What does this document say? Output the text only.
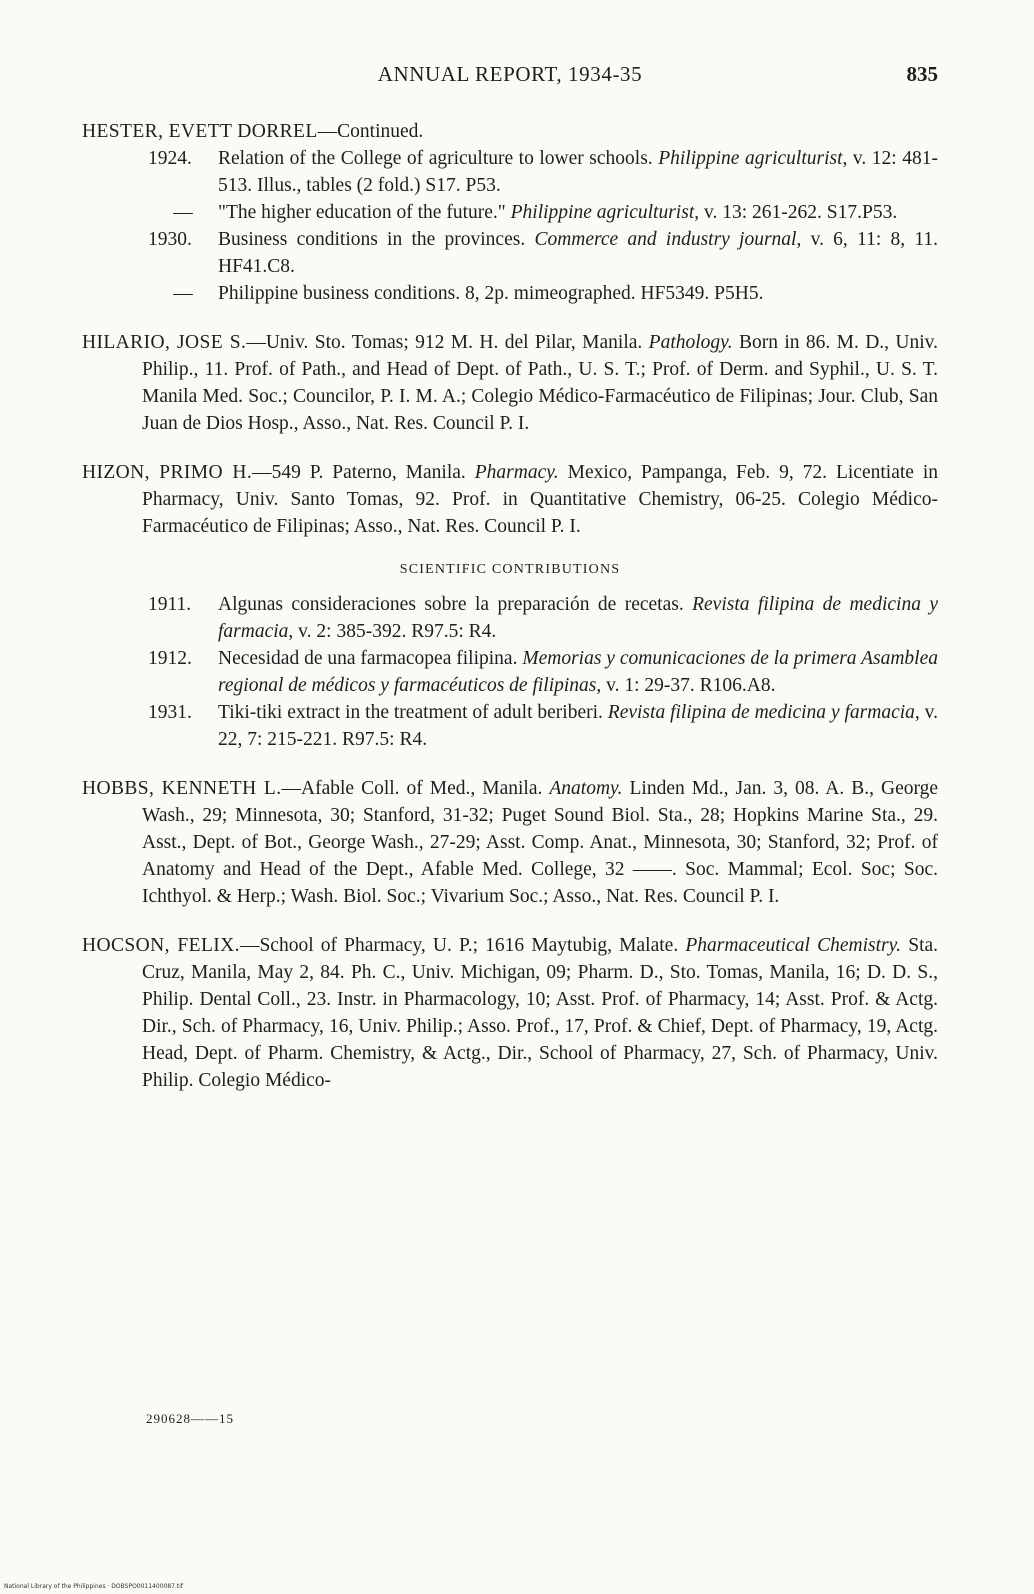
ANNUAL REPORT, 1934-35	835

HESTER, EVETT DORREL—Continued.

1924. Relation of the College of agriculture to lower schools. Philippine agriculturist, v. 12: 481-513. Illus., tables (2 fold.) S17. P53.

— "The higher education of the future." Philippine agriculturist, v. 13: 261-262. S17.P53.

1930. Business conditions in the provinces. Commerce and industry journal, v. 6, 11: 8, 11. HF41.C8.

— Philippine business conditions. 8, 2p. mimeographed. HF5349. P5H5.

HILARIO, JOSE S.—Univ. Sto. Tomas; 912 M. H. del Pilar, Manila. Pathology. Born in 86. M. D., Univ. Philip., 11. Prof. of Path., and Head of Dept. of Path., U. S. T.; Prof. of Derm. and Syphil., U. S. T. Manila Med. Soc.; Councilor, P. I. M. A.; Colegio Médico-Farmacéutico de Filipinas; Jour. Club, San Juan de Dios Hosp., Asso., Nat. Res. Council P. I.

HIZON, PRIMO H.—549 P. Paterno, Manila. Pharmacy. Mexico, Pampanga, Feb. 9, 72. Licentiate in Pharmacy, Univ. Santo Tomas, 92. Prof. in Quantitative Chemistry, 06-25. Colegio Médico-Farmacéutico de Filipinas; Asso., Nat. Res. Council P. I.

SCIENTIFIC CONTRIBUTIONS

1911. Algunas consideraciones sobre la preparación de recetas. Revista filipina de medicina y farmacia, v. 2: 385-392. R97.5: R4.

1912. Necesidad de una farmacopea filipina. Memorias y comunicaciones de la primera Asamblea regional de médicos y farmacéuticos de filipinas, v. 1: 29-37. R106.A8.

1931. Tiki-tiki extract in the treatment of adult beriberi. Revista filipina de medicina y farmacia, v. 22, 7: 215-221. R97.5: R4.

HOBBS, KENNETH L.—Afable Coll. of Med., Manila. Anatomy. Linden Md., Jan. 3, 08. A. B., George Wash., 29; Minnesota, 30; Stanford, 31-32; Puget Sound Biol. Sta., 28; Hopkins Marine Sta., 29. Asst., Dept. of Bot., George Wash., 27-29; Asst. Comp. Anat., Minnesota, 30; Stanford, 32; Prof. of Anatomy and Head of the Dept., Afable Med. College, 32 ——. Soc. Mammal; Ecol. Soc; Soc. Ichthyol. & Herp.; Wash. Biol. Soc.; Vivarium Soc.; Asso., Nat. Res. Council P. I.

HOCSON, FELIX.—School of Pharmacy, U. P.; 1616 Maytubig, Malate. Pharmaceutical Chemistry. Sta. Cruz, Manila, May 2, 84. Ph. C., Univ. Michigan, 09; Pharm. D., Sto. Tomas, Manila, 16; D. D. S., Philip. Dental Coll., 23. Instr. in Pharmacology, 10; Asst. Prof. of Pharmacy, 14; Asst. Prof. & Actg. Dir., Sch. of Pharmacy, 16, Univ. Philip.; Asso. Prof., 17, Prof. & Chief, Dept. of Pharmacy, 19, Actg. Head, Dept. of Pharm. Chemistry, & Actg., Dir., School of Pharmacy, 27, Sch. of Pharmacy, Univ. Philip. Colegio Médico-

290628——15
National Library of the Philippines · DOBSPO0011400087.tif
